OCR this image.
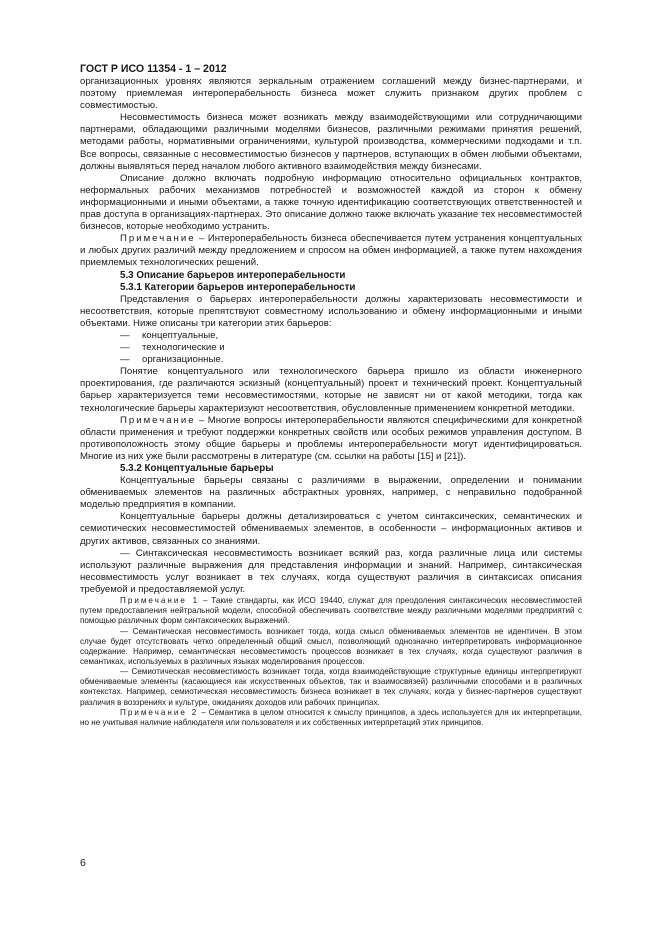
ГОСТ Р ИСО 11354 - 1 – 2012

организационных уровнях являются зеркальным отражением соглашений между бизнес-партнерами, и поэтому приемлемая интероперабельность бизнеса может служить признаком других проблем с совместимостью.

Несовместимость бизнеса может возникать между взаимодействующими или сотрудничающими партнерами, обладающими различными моделями бизнесов, различными режимами принятия решений, методами работы, нормативными ограничениями, культурой производства, коммерческими подходами и т.п. Все вопросы, связанные с несовместимостью бизнесов у партнеров, вступающих в обмен любыми объектами, должны выявляться перед началом любого активного взаимодействия между бизнесами.

Описание должно включать подробную информацию относительно официальных контрактов, неформальных рабочих механизмов потребностей и возможностей каждой из сторон к обмену информационными и иными объектами, а также точную идентификацию соответствующих ответственностей и прав доступа в организациях-партнерах. Это описание должно также включать указание тех несовместимостей бизнесов, которые необходимо устранить.

Примечание – Интероперабельность бизнеса обеспечивается путем устранения концептуальных и любых других различий между предложением и спросом на обмен информацией, а также путем нахождения приемлемых технологических решений.

5.3 Описание барьеров интероперабельности

5.3.1 Категории барьеров интероперабельности

Представления о барьерах интероперабельности должны характеризовать несовместимости и несоответствия, которые препятствуют совместному использованию и обмену информационными и иными объектами. Ниже описаны три категории этих барьеров:

— концептуальные,
— технологические и
— организационные.

Понятие концептуального или технологического барьера пришло из области инженерного проектирования, где различаются эскизный (концептуальный) проект и технический проект. Концептуальный барьер характеризуется теми несовместимостями, которые не зависят ни от какой методики, тогда как технологические барьеры характеризуют несоответствия, обусловленные применением конкретной методики.

Примечание – Многие вопросы интероперабельности являются специфическими для конкретной области применения и требуют поддержки конкретных свойств или особых режимов управления доступом. В противоположность этому общие барьеры и проблемы интероперабельности могут идентифицироваться. Многие из них уже были рассмотрены в литературе (см. ссылки на работы [15] и [21]).

5.3.2 Концептуальные барьеры

Концептуальные барьеры связаны с различиями в выражении, определении и понимании обмениваемых элементов на различных абстрактных уровнях, например, с неправильно подобранной моделью предприятия в компании.

Концептуальные барьеры должны детализироваться с учетом синтаксических, семантических и семиотических несовместимостей обмениваемых элементов, в особенности – информационных активов и других активов, связанных со знаниями.

— Синтаксическая несовместимость возникает всякий раз, когда различные лица или системы используют различные выражения для представления информации и знаний. Например, синтаксическая несовместимость услуг возникает в тех случаях, когда существуют различия в синтаксисах описания требуемой и предоставляемой услуг.

Примечание 1 – Такие стандарты, как ИСО 19440, служат для преодоления синтаксических несовместимостей путем предоставления нейтральной модели, способной обеспечивать соответствие между различными моделями предприятий с помощью различных форм синтаксических выражений.

— Семантическая несовместимость возникает тогда, когда смысл обмениваемых элементов не идентичен. В этом случае будет отсутствовать четко определенный общий смысл, позволяющий однозначно интерпретировать информационное содержание. Например, семантическая несовместимость процессов возникает в тех случаях, когда существуют различия в семантиках, используемых в различных языках моделирования процессов.

— Семиотическая несовместимость возникает тогда, когда взаимодействующие структурные единицы интерпретируют обмениваемые элементы (касающиеся как искусственных объектов, так и взаимосвязей) различными способами и в различных контекстах. Например, семиотическая несовместимость бизнеса возникает в тех случаях, когда у бизнес-партнеров существуют различия в воззрениях и культуре, ожиданиях доходов или рабочих принципах.

Примечание 2 – Семантика в целом относится к смыслу принципов, а здесь используется для их интерпретации, но не учитывая наличие наблюдателя или пользователя и их собственных интерпретаций этих принципов.

6
